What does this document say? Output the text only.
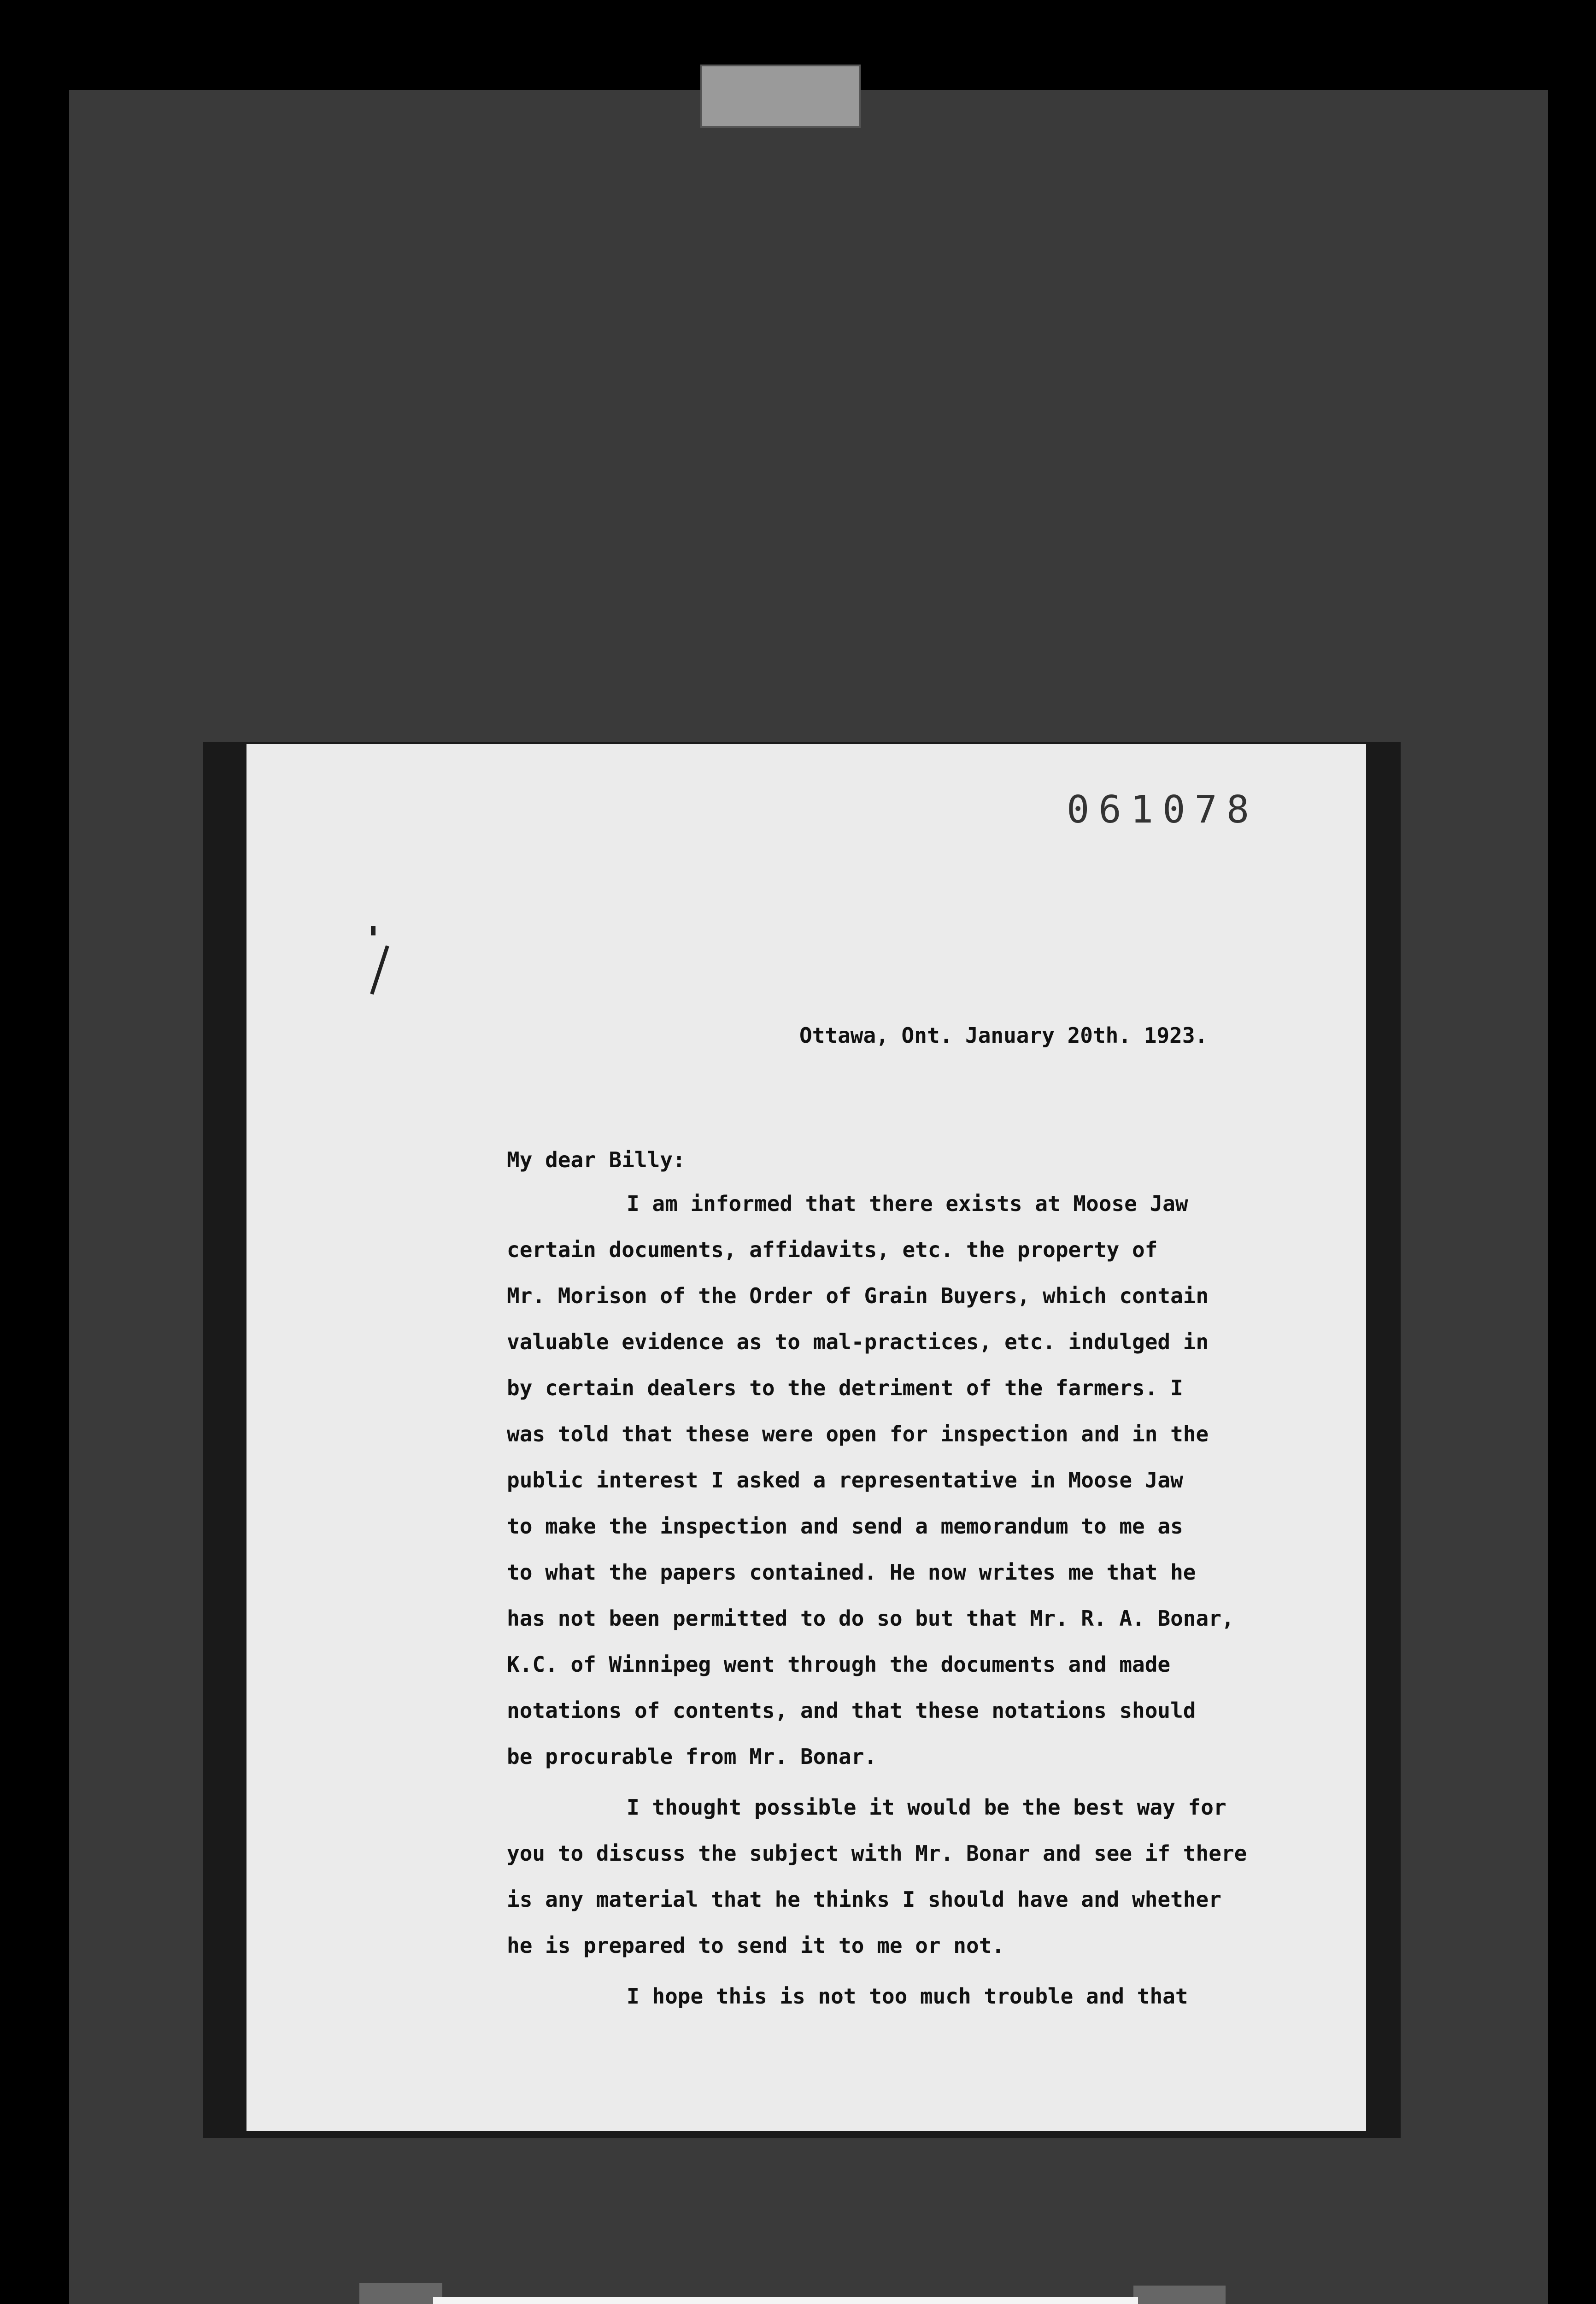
061078
Ottawa, Ont. January 20th. 1923.
My dear Billy:
I am informed that there exists at Moose Jaw
certain documents, affidavits, etc. the property of
Mr. Morison of the Order of Grain Buyers, which contain
valuable evidence as to mal-practices, etc. indulged in
by certain dealers to the detriment of the farmers. I
was told that these were open for inspection and in the
public interest I asked a representative in Moose Jaw
to make the inspection and send a memorandum to me as
to what the papers contained. He now writes me that he
has not been permitted to do so but that Mr. R. A. Bonar,
K.C. of Winnipeg went through the documents and made
notations of contents, and that these notations should
be procurable from Mr. Bonar.
I thought possible it would be the best way for
you to discuss the subject with Mr. Bonar and see if there
is any material that he thinks I should have and whether
he is prepared to send it to me or not.
I hope this is not too much trouble and that
